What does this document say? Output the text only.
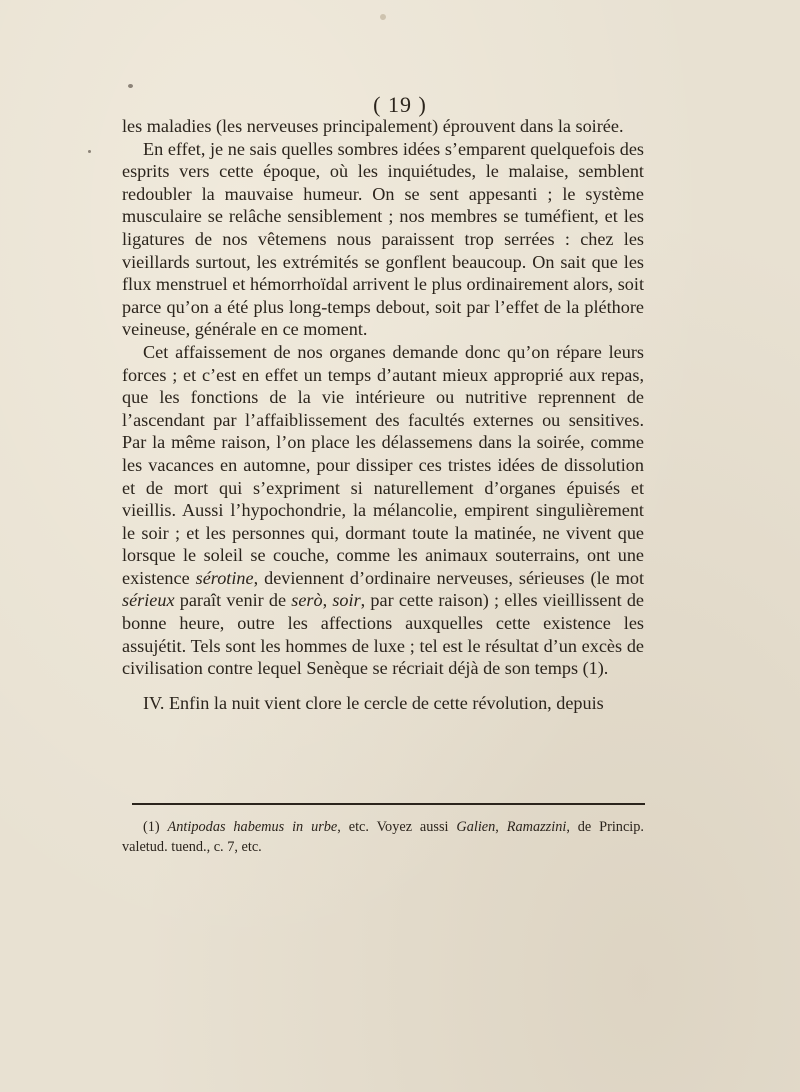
( 19 )

les maladies (les nerveuses principalement) éprouvent dans la soirée.

En effet, je ne sais quelles sombres idées s’emparent quelquefois des esprits vers cette époque, où les inquiétudes, le malaise, semblent redoubler la mauvaise humeur. On se sent appesanti ; le système musculaire se relâche sensiblement ; nos membres se tuméfient, et les ligatures de nos vêtemens nous paraissent trop serrées : chez les vieillards surtout, les extrémités se gonflent beaucoup. On sait que les flux menstruel et hémorrhoïdal arrivent le plus ordinairement alors, soit parce qu’on a été plus long-temps debout, soit par l’effet de la pléthore veineuse, générale en ce moment.

Cet affaissement de nos organes demande donc qu’on répare leurs forces ; et c’est en effet un temps d’autant mieux approprié aux repas, que les fonctions de la vie intérieure ou nutritive reprennent de l’ascendant par l’affaiblissement des facultés externes ou sensitives. Par la même raison, l’on place les délassemens dans la soirée, comme les vacances en automne, pour dissiper ces tristes idées de dissolution et de mort qui s’expriment si naturellement d’organes épuisés et vieillis. Aussi l’hypochondrie, la mélancolie, empirent singulièrement le soir ; et les personnes qui, dormant toute la matinée, ne vivent que lorsque le soleil se couche, comme les animaux souterrains, ont une existence sérotine, deviennent d’ordinaire nerveuses, sérieuses (le mot sérieux paraît venir de serò, soir, par cette raison) ; elles vieillissent de bonne heure, outre les affections auxquelles cette existence les assujétit. Tels sont les hommes de luxe ; tel est le résultat d’un excès de civilisation contre lequel Senèque se récriait déjà de son temps (1).

IV. Enfin la nuit vient clore le cercle de cette révolution, depuis

(1) Antipodas habemus in urbe, etc. Voyez aussi Galien, Ramazzini, de Princip. valetud. tuend., c. 7, etc.
